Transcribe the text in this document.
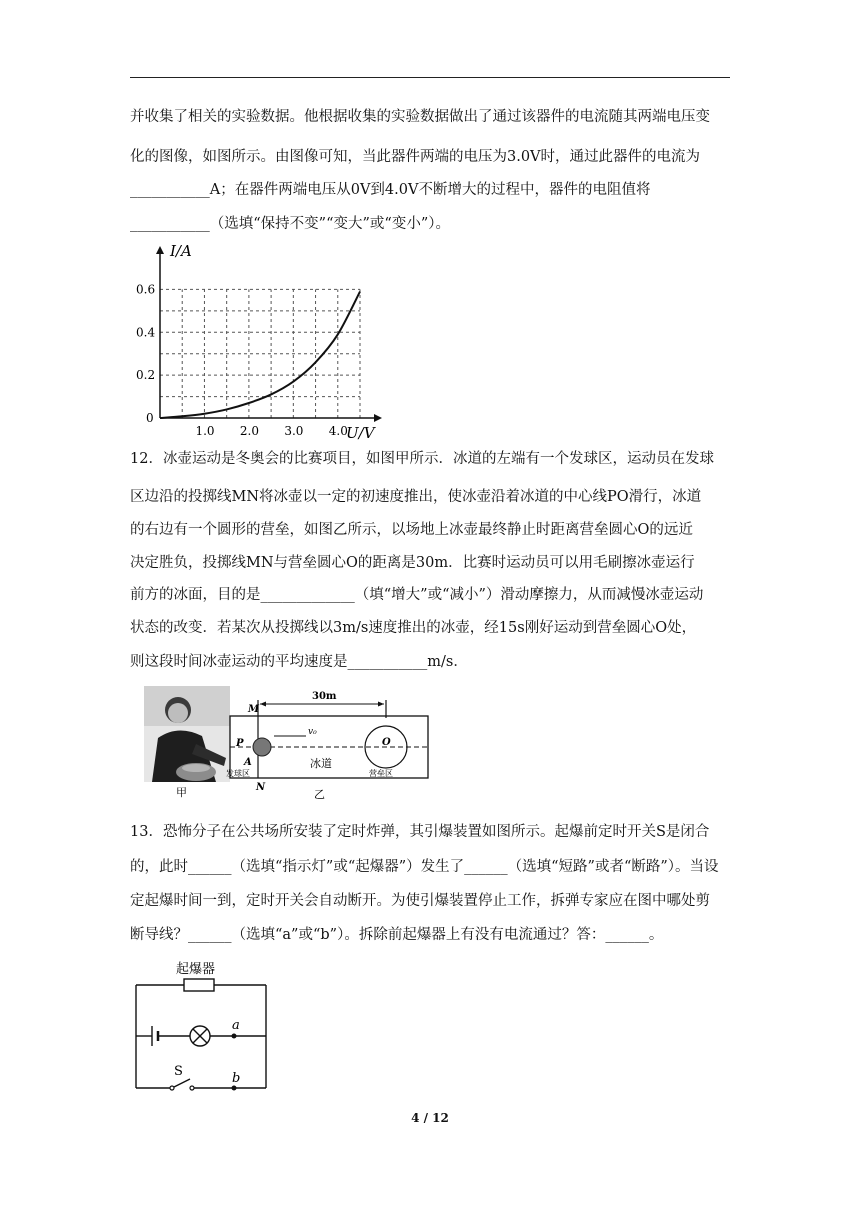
并收集了相关的实验数据。他根据收集的实验数据做出了通过该器件的电流随其两端电压变
化的图像，如图所示。由图像可知，当此器件两端的电压为3.0V时，通过此器件的电流为
___________A；在器件两端电压从0V到4.0V不断增大的过程中，器件的电阻值将
___________（选填“保持不变”“变大”或“变小”）。
1.0 2.0 3.0 4.0
0.2
0.4
0.6
I/A
U/V
0
12．冰壶运动是冬奥会的比赛项目，如图甲所示．冰道的左端有一个发球区，运动员在发球
区边沿的投掷线MN将冰壶以一定的初速度推出，使冰壶沿着冰道的中心线PO滑行，冰道
的右边有一个圆形的营垒，如图乙所示，以场地上冰壶最终静止时距离营垒圆心O的远近
决定胜负，投掷线MN与营垒圆心O的距离是30m．比赛时运动员可以用毛刷擦冰壶运行
前方的冰面，目的是_____________（填“增大”或“减小”）滑动摩擦力，从而减慢冰壶运动
状态的改变．若某次从投掷线以3m/s速度推出的冰壶，经15s刚好运动到营垒圆心O处，
则这段时间冰壶运动的平均速度是___________m/s．
甲
30m
v₀
M
P
A
O
N
冰道
发球区	营垒区
乙
13．恐怖分子在公共场所安装了定时炸弹，其引爆装置如图所示。起爆前定时开关S是闭合
的，此时______（选填“指示灯”或“起爆器”）发生了______（选填“短路”或者“断路”）。当设
定起爆时间一到，定时开关会自动断开。为使引爆装置停止工作，拆弹专家应在图中哪处剪
断导线？______（选填“a”或“b”）。拆除前起爆器上有没有电流通过？答：______。
起爆器
a
S	b
4 / 12
